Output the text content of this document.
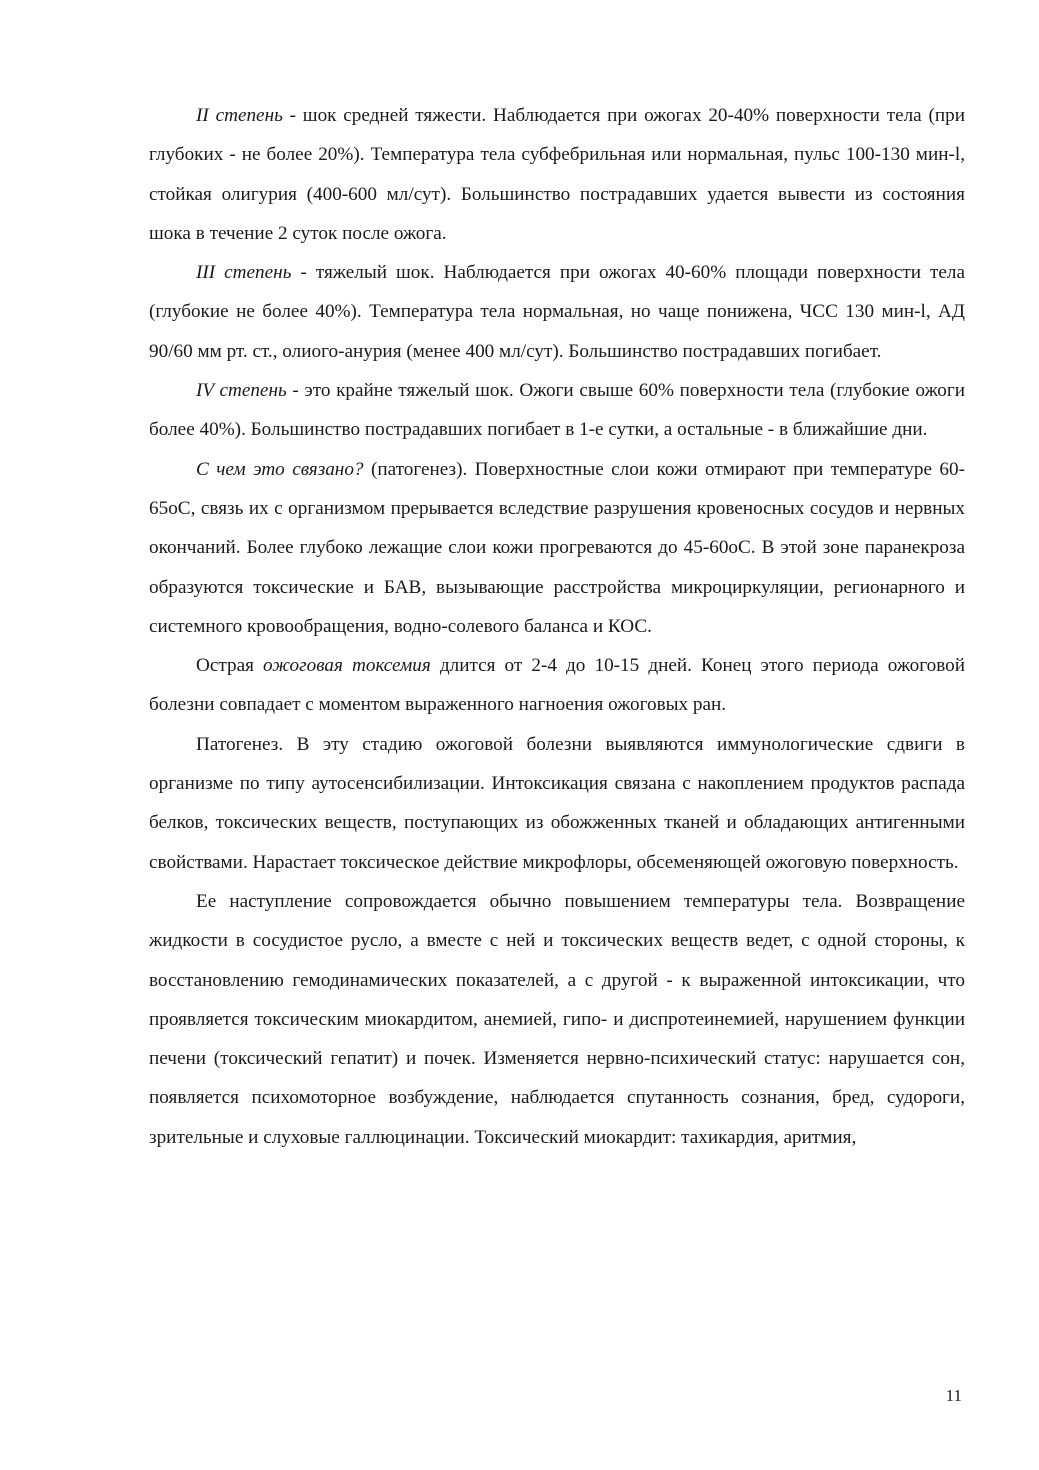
II степень - шок средней тяжести. Наблюдается при ожогах 20-40% поверхности тела (при глубоких - не более 20%). Температура тела субфебрильная или нормальная, пульс 100-130 мин-l, стойкая олигурия (400-600 мл/сут). Большинство пострадавших удается вывести из состояния шока в течение 2 суток после ожога.

III степень - тяжелый шок. Наблюдается при ожогах 40-60% площади поверхности тела (глубокие не более 40%). Температура тела нормальная, но чаще понижена, ЧСС 130 мин-l, АД 90/60 мм рт. ст., олиого-анурия (менее 400 мл/сут). Большинство пострадавших погибает.

IV степень - это крайне тяжелый шок. Ожоги свыше 60% поверхности тела (глубокие ожоги более 40%). Большинство пострадавших погибает в 1-е сутки, а остальные - в ближайшие дни.

С чем это связано? (патогенез). Поверхностные слои кожи отмирают при температуре 60-65оС, связь их с организмом прерывается вследствие разрушения кровеносных сосудов и нервных окончаний. Более глубоко лежащие слои кожи прогреваются до 45-60оС. В этой зоне паранекроза образуются токсические и БАВ, вызывающие расстройства микроциркуляции, регионарного и системного кровообращения, водно-солевого баланса и КОС.

Острая ожоговая токсемия длится от 2-4 до 10-15 дней. Конец этого периода ожоговой болезни совпадает с моментом выраженного нагноения ожоговых ран.

Патогенез. В эту стадию ожоговой болезни выявляются иммунологические сдвиги в организме по типу аутосенсибилизации. Интоксикация связана с накоплением продуктов распада белков, токсических веществ, поступающих из обожженных тканей и обладающих антигенными свойствами. Нарастает токсическое действие микрофлоры, обсеменяющей ожоговую поверхность.

Ее наступление сопровождается обычно повышением температуры тела. Возвращение жидкости в сосудистое русло, а вместе с ней и токсических веществ ведет, с одной стороны, к восстановлению гемодинамических показателей, а с другой - к выраженной интоксикации, что проявляется токсическим миокардитом, анемией, гипо- и диспротеинемией, нарушением функции печени (токсический гепатит) и почек. Изменяется нервно-психический статус: нарушается сон, появляется психомоторное возбуждение, наблюдается спутанность сознания, бред, судороги, зрительные и слуховые галлюцинации. Токсический миокардит: тахикардия, аритмия,

11
